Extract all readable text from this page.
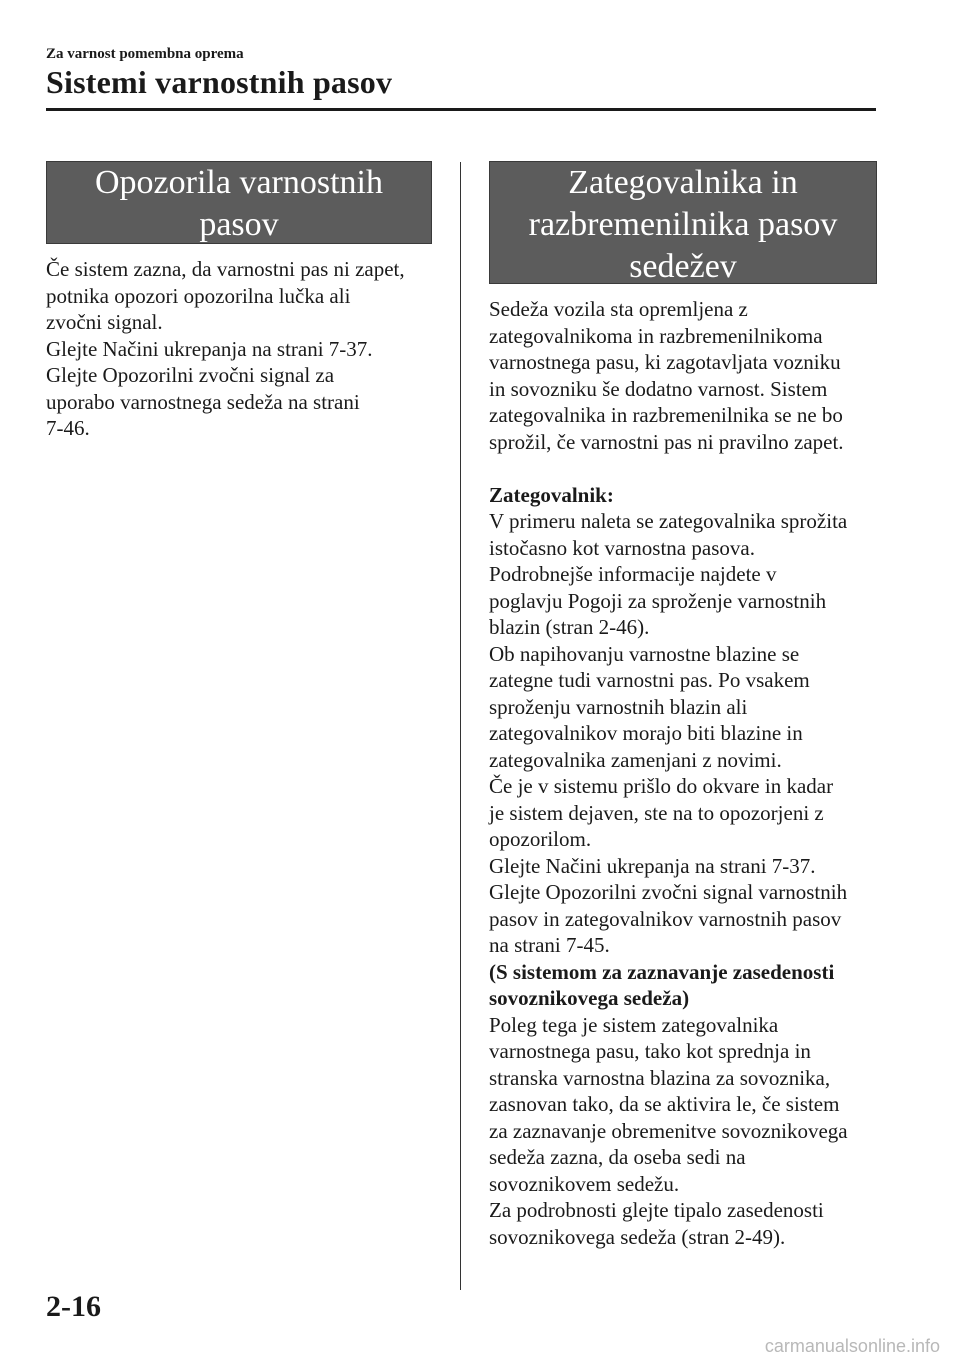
Za varnost pomembna oprema
Sistemi varnostnih pasov
Opozorila varnostnih
pasov

Če sistem zazna, da varnostni pas ni zapet,

potnika opozori opozorilna lučka ali

zvočni signal.

Glejte Načini ukrepanja na strani 7-37.

Glejte Opozorilni zvočni signal za

uporabo varnostnega sedeža na strani

7-46.

Zategovalnika in
razbremenilnika pasov
sedežev

Sedeža vozila sta opremljena z

zategovalnikoma in razbremenilnikoma

varnostnega pasu, ki zagotavljata vozniku

in sovozniku še dodatno varnost. Sistem

zategovalnika in razbremenilnika se ne bo

sprožil, če varnostni pas ni pravilno zapet.

Zategovalnik:

V primeru naleta se zategovalnika sprožita

istočasno kot varnostna pasova.

Podrobnejše informacije najdete v

poglavju Pogoji za sproženje varnostnih

blazin (stran 2-46).

Ob napihovanju varnostne blazine se

zategne tudi varnostni pas. Po vsakem

sproženju varnostnih blazin ali

zategovalnikov morajo biti blazine in

zategovalnika zamenjani z novimi.

Če je v sistemu prišlo do okvare in kadar

je sistem dejaven, ste na to opozorjeni z

opozorilom.

Glejte Načini ukrepanja na strani 7-37.

Glejte Opozorilni zvočni signal varnostnih

pasov in zategovalnikov varnostnih pasov

na strani 7-45.

(S sistemom za zaznavanje zasedenosti

sovoznikovega sedeža)

Poleg tega je sistem zategovalnika

varnostnega pasu, tako kot sprednja in

stranska varnostna blazina za sovoznika,

zasnovan tako, da se aktivira le, če sistem

za zaznavanje obremenitve sovoznikovega

sedeža zazna, da oseba sedi na

sovoznikovem sedežu.

Za podrobnosti glejte tipalo zasedenosti

sovoznikovega sedeža (stran 2-49).

2-16
carmanualsonline.info
